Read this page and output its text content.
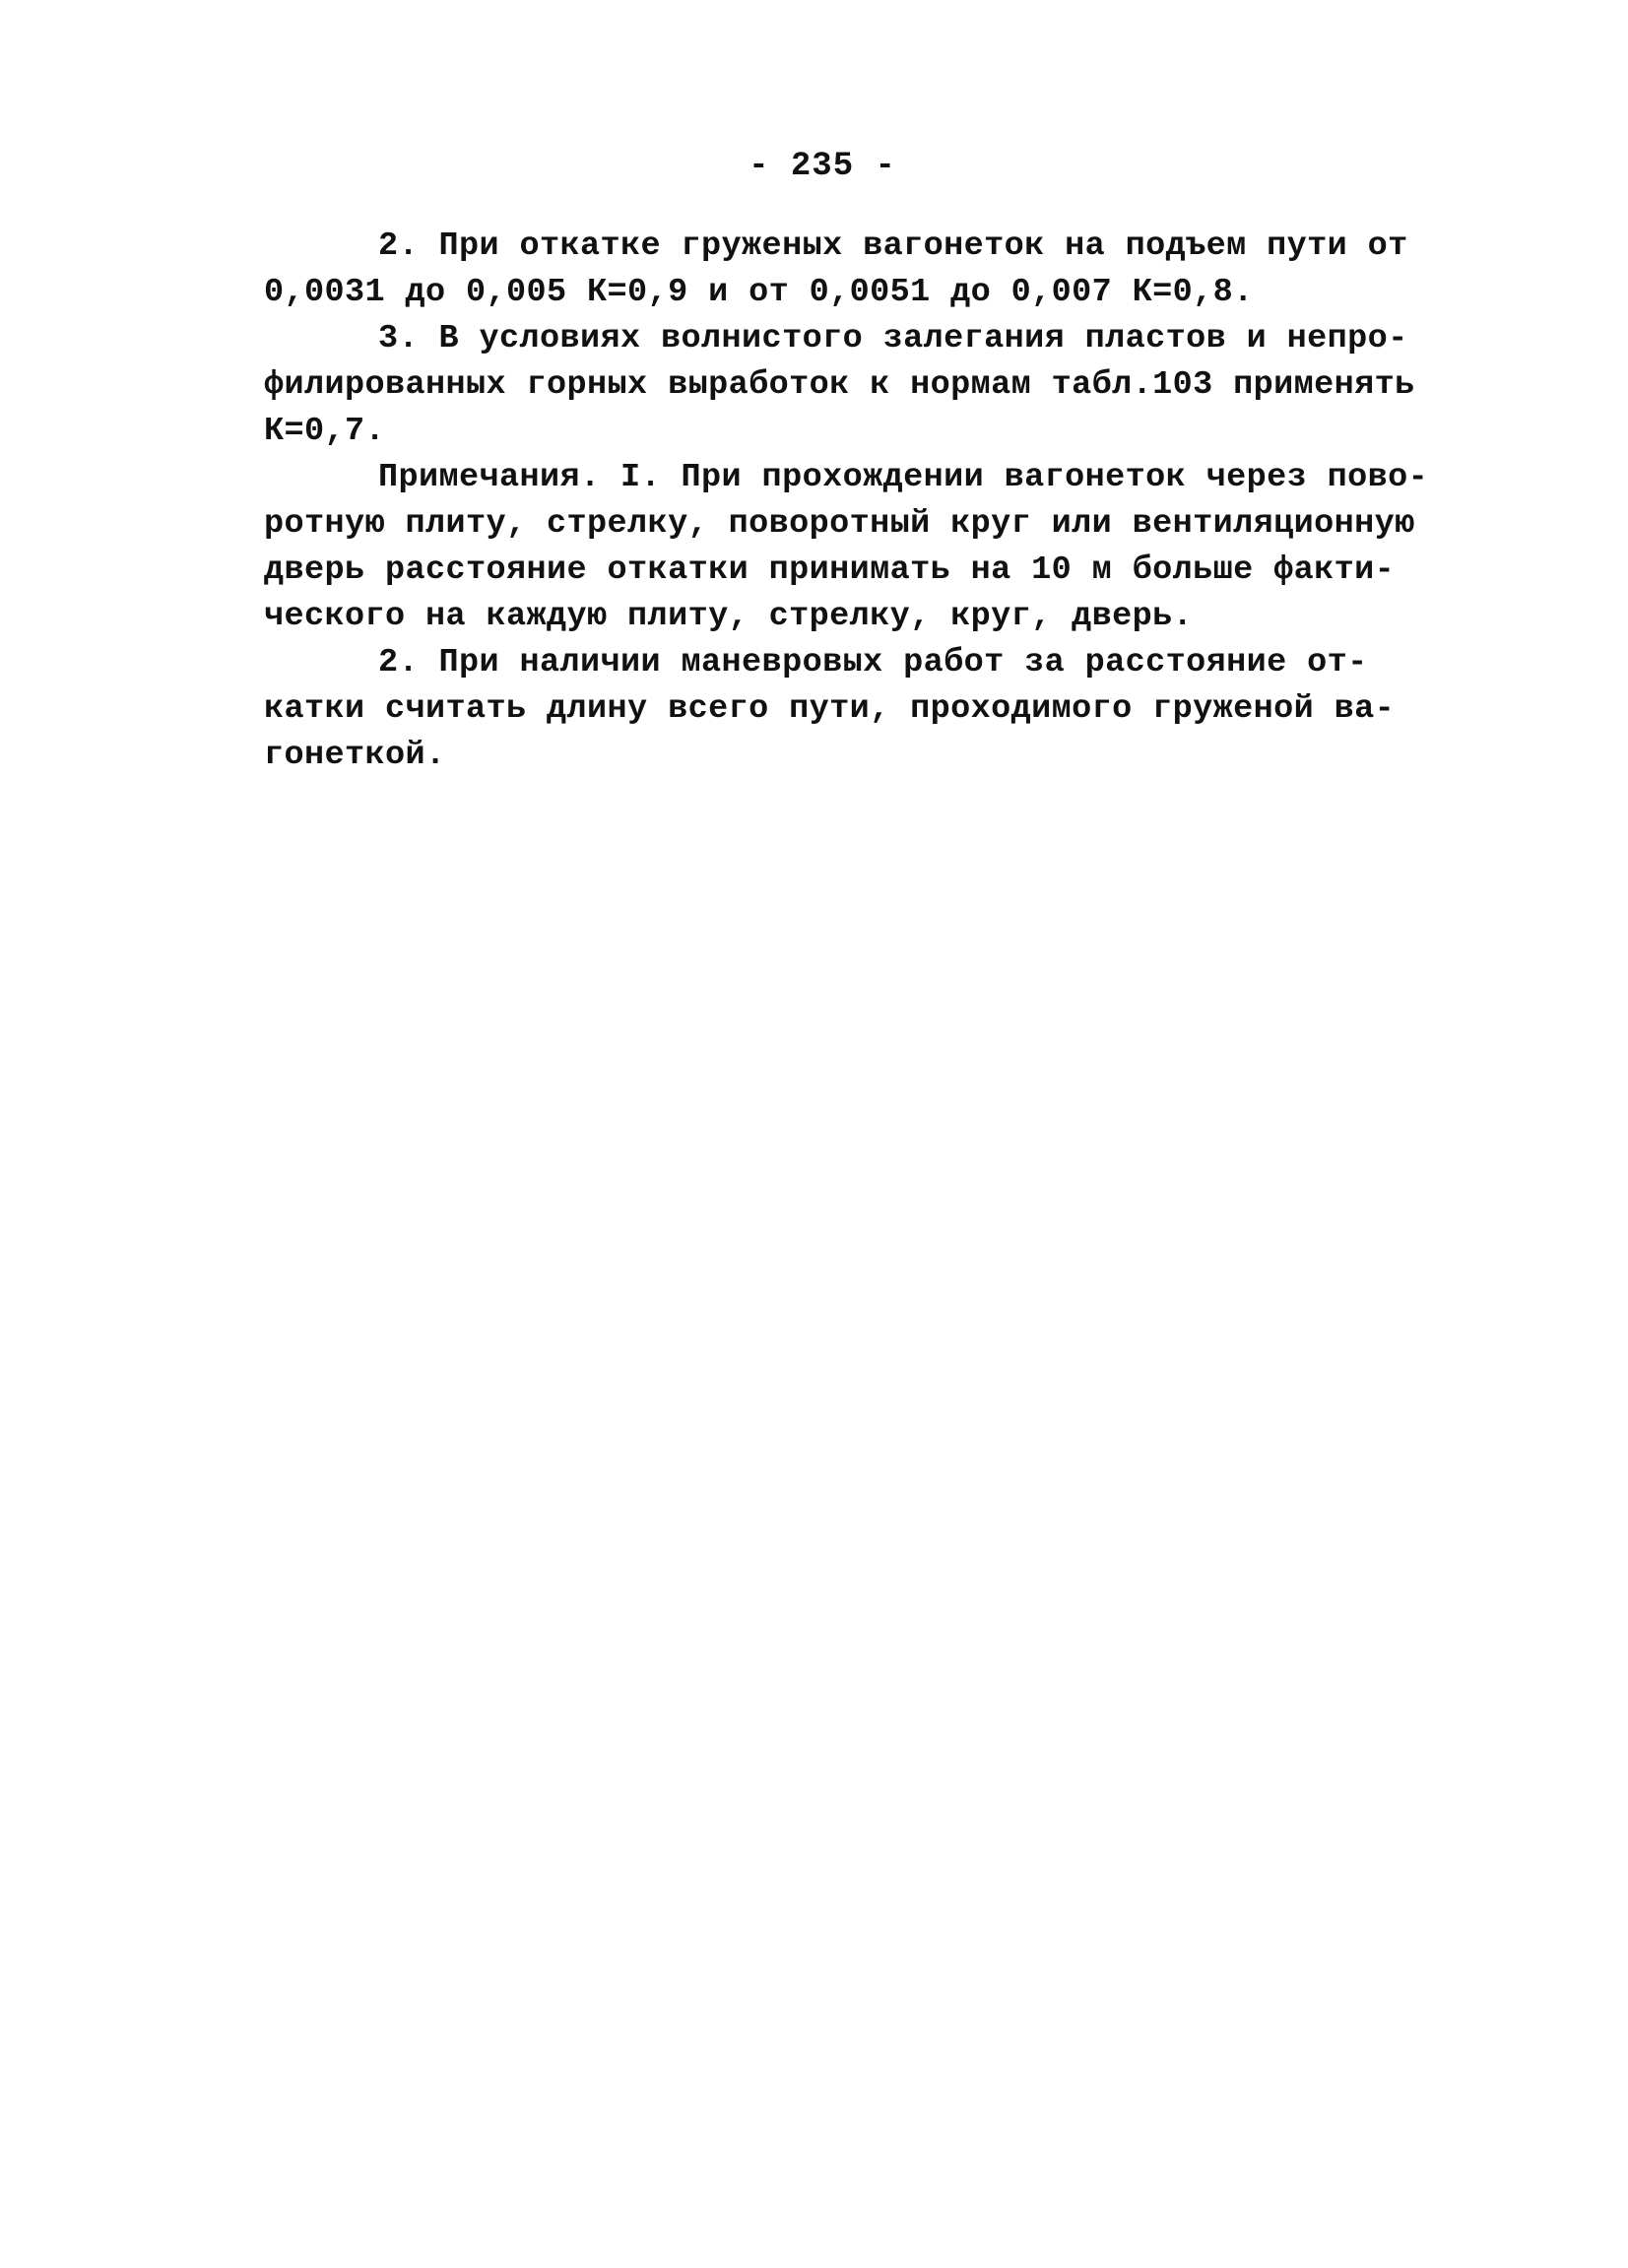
- 235 -
2. При откатке груженых вагонеток на подъем пути от
0,0031 до 0,005 К=0,9 и от 0,0051 до 0,007 К=0,8.
3. В условиях волнистого залегания пластов и непро-
филированных горных выработок к нормам табл.103 применять
К=0,7.
Примечания. I. При прохождении вагонеток через пово-
ротную плиту, стрелку, поворотный круг или вентиляционную
дверь расстояние откатки принимать на 10 м больше факти-
ческого на каждую плиту, стрелку, круг, дверь.
2. При наличии маневровых работ за расстояние от-
катки считать длину всего пути, проходимого груженой ва-
гонеткой.
